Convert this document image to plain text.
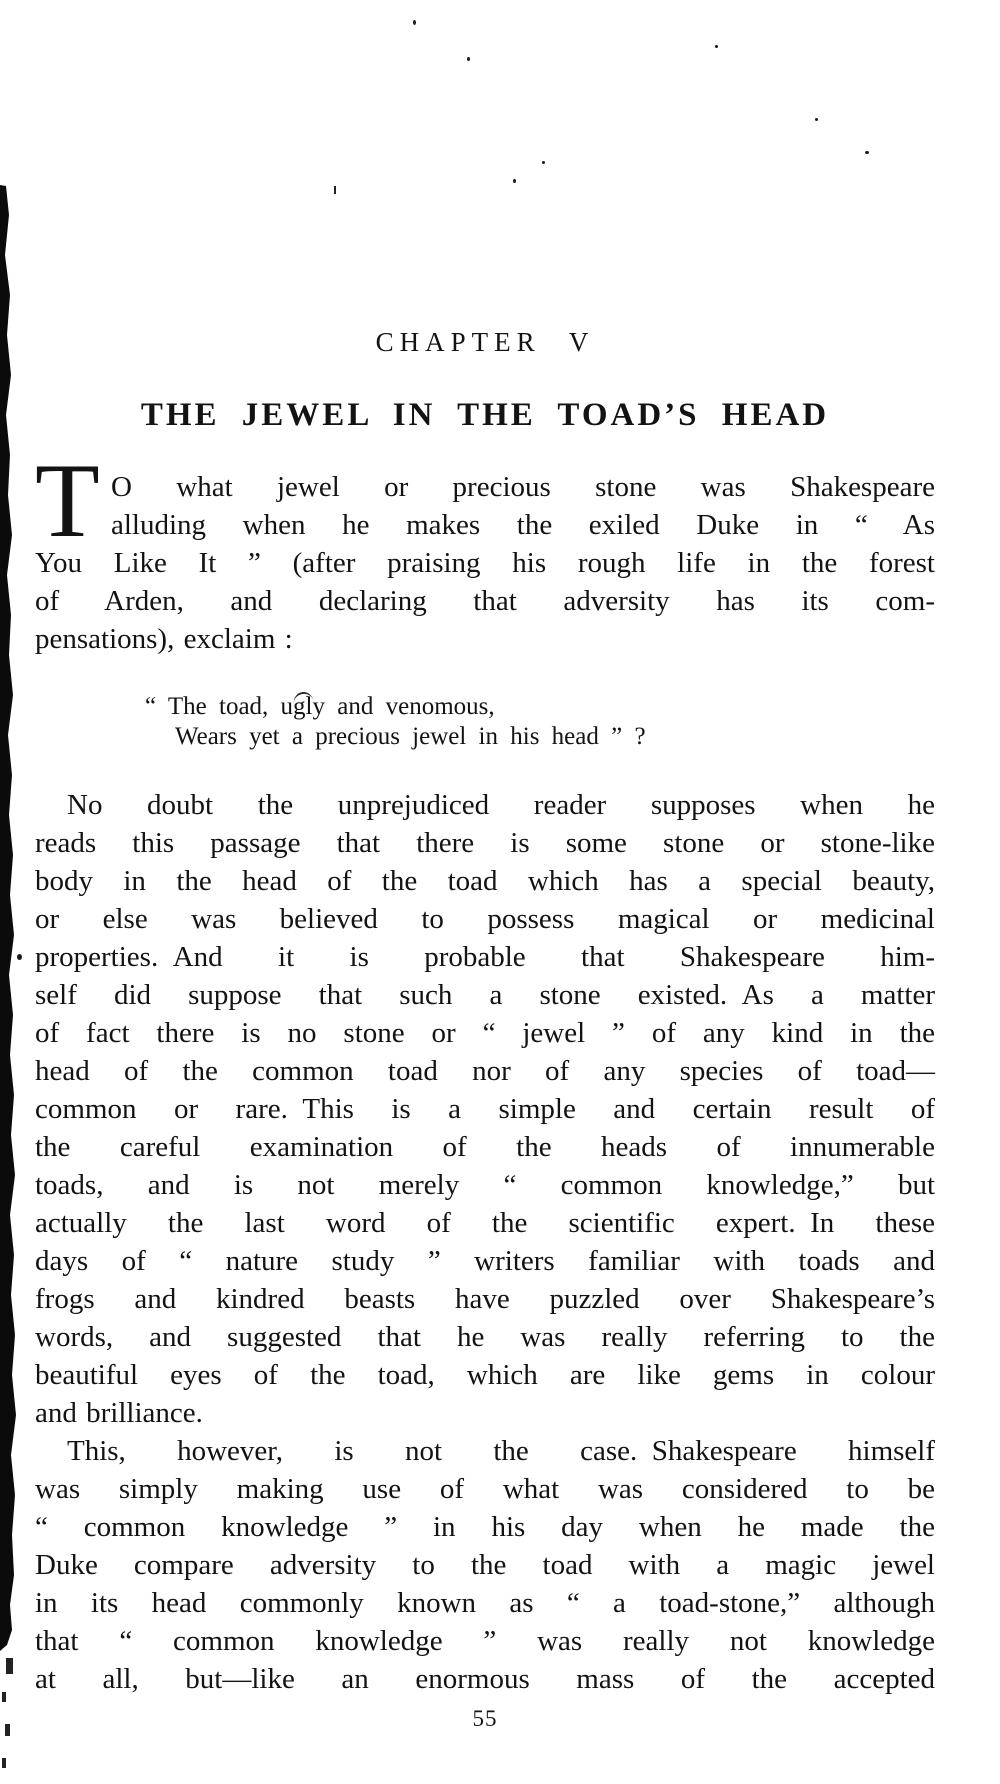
CHAPTER V
THE JEWEL IN THE TOAD’S HEAD
T O what jewel or precious stone was Shakespeare
alluding when he makes the exiled Duke in “ As
You Like It ” (after praising his rough life in the forest
of Arden, and declaring that adversity has its com-
pensations), exclaim :
“ The toad, ugly and venomous,
Wears yet a precious jewel in his head ” ?
No doubt the unprejudiced reader supposes when he
reads this passage that there is some stone or stone-like
body in the head of the toad which has a special beauty,
or else was believed to possess magical or medicinal
properties. And it is probable that Shakespeare him-
self did suppose that such a stone existed. As a matter
of fact there is no stone or “ jewel ” of any kind in the
head of the common toad nor of any species of toad—
common or rare. This is a simple and certain result of
the careful examination of the heads of innumerable
toads, and is not merely “ common knowledge,” but
actually the last word of the scientific expert. In these
days of “ nature study ” writers familiar with toads and
frogs and kindred beasts have puzzled over Shakespeare’s
words, and suggested that he was really referring to the
beautiful eyes of the toad, which are like gems in colour
and brilliance.
This, however, is not the case. Shakespeare himself
was simply making use of what was considered to be
“ common knowledge ” in his day when he made the
Duke compare adversity to the toad with a magic jewel
in its head commonly known as “ a toad-stone,” although
that “ common knowledge ” was really not knowledge
at all, but—like an enormous mass of the accepted
55
